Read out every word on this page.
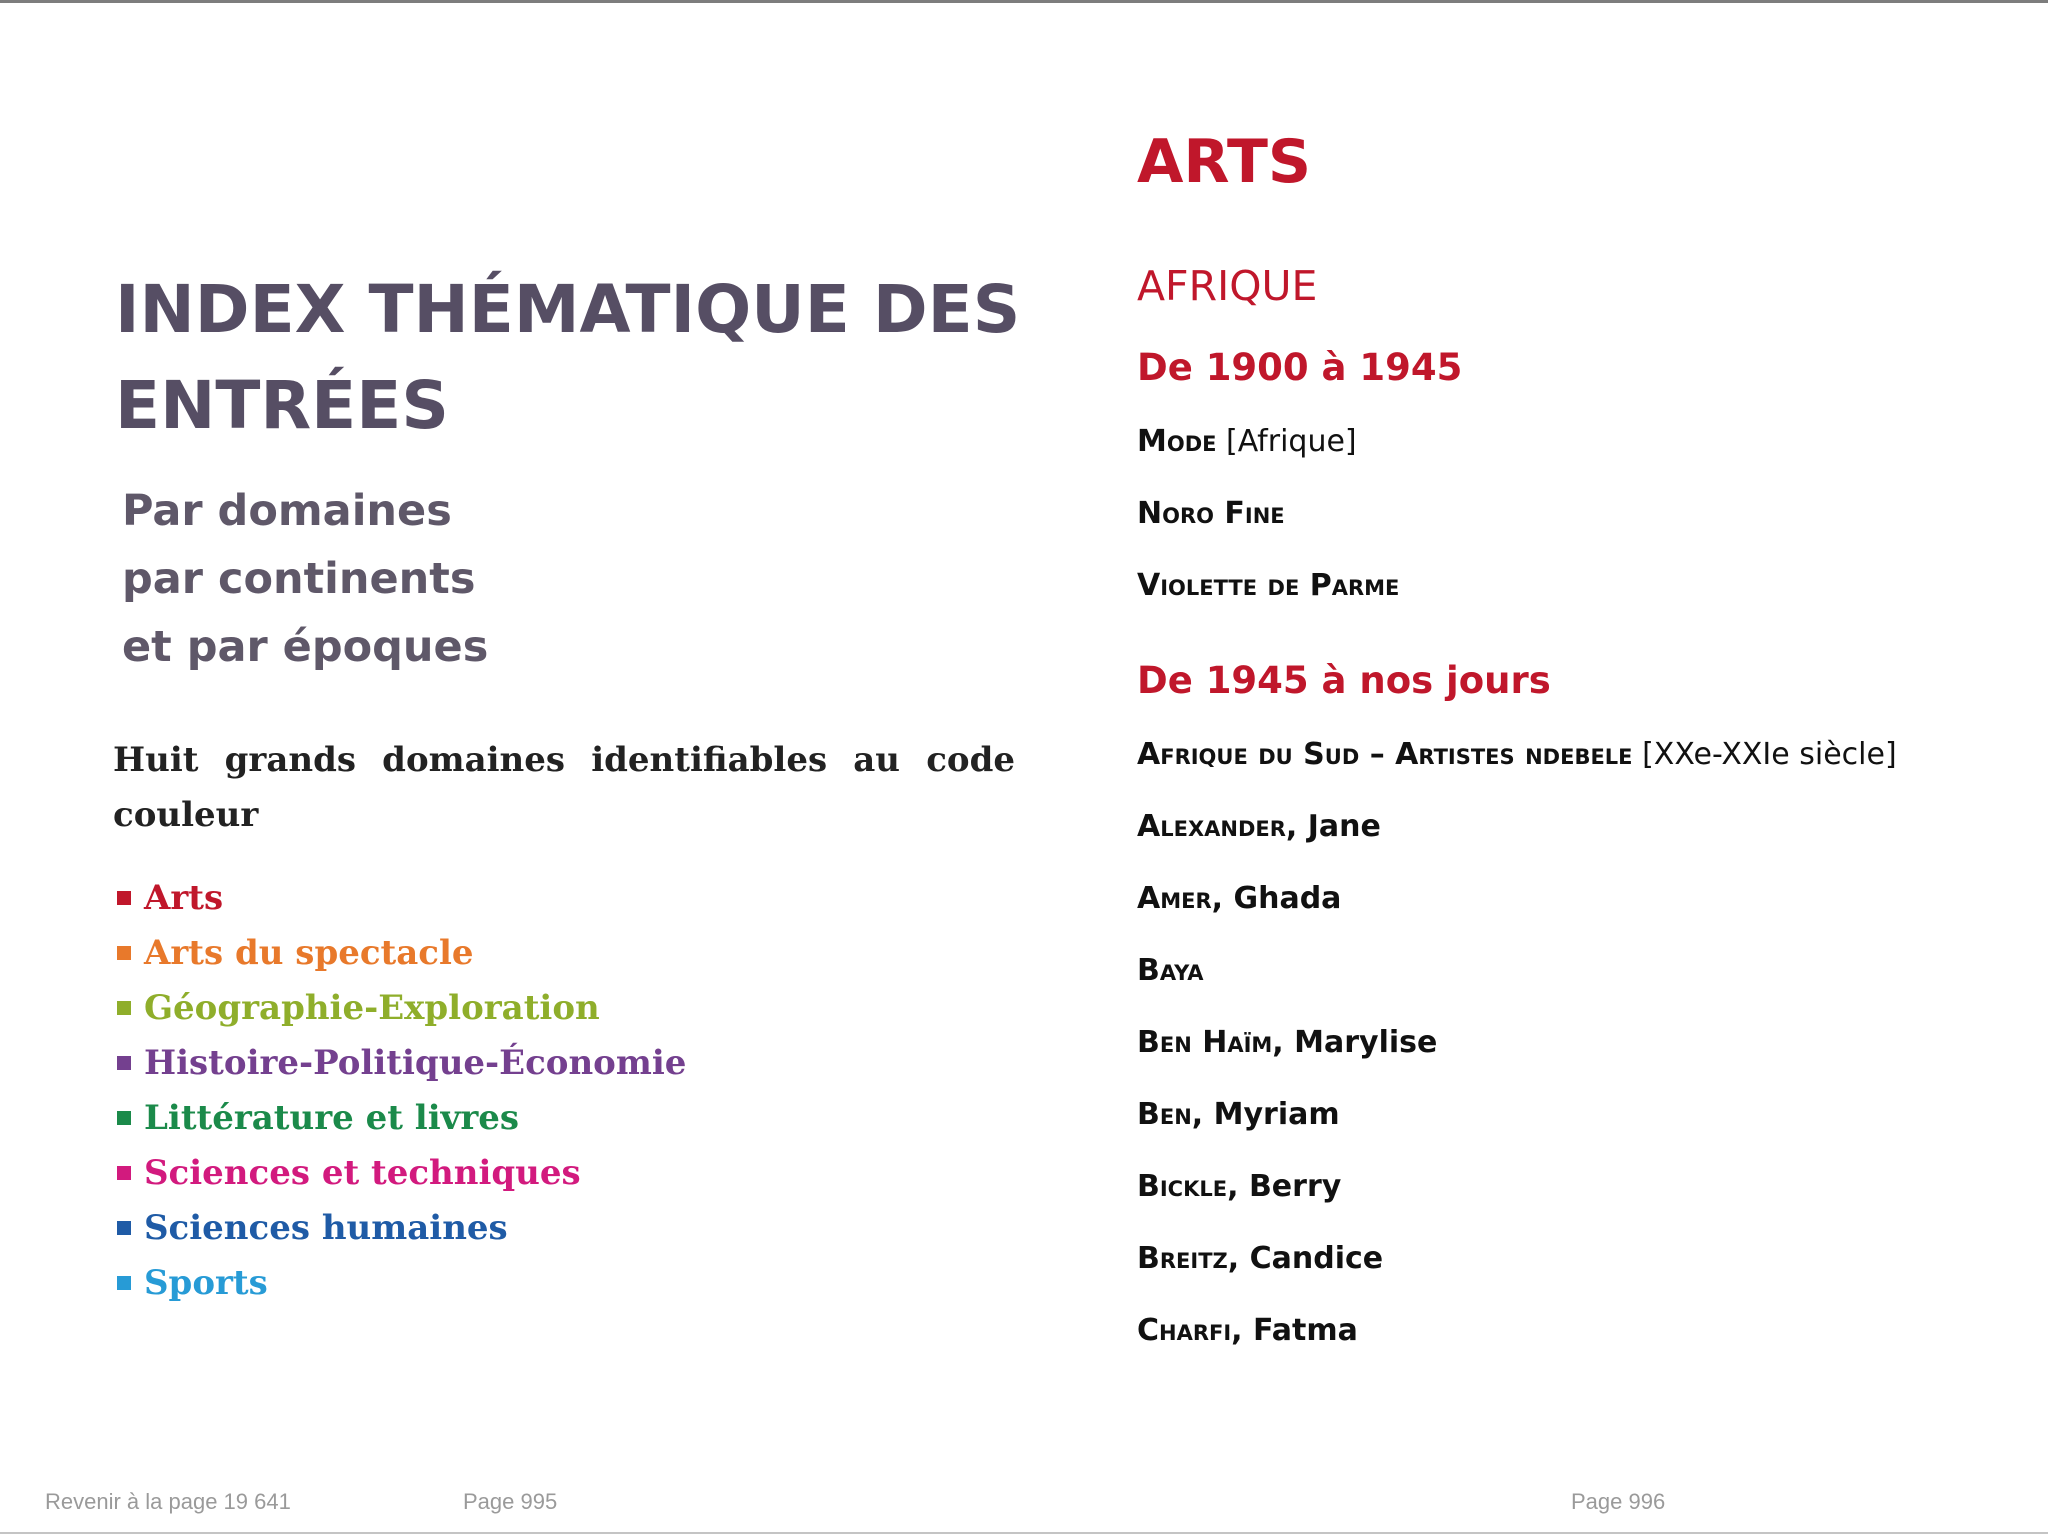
INDEX THÉMATIQUE DES ENTRÉES
Par domaines
par continents
et par époques

Huit grands domaines identifiables au code couleur

Arts
Arts du spectacle
Géographie-Exploration
Histoire-Politique-Économie
Littérature et livres
Sciences et techniques
Sciences humaines
Sports
ARTS
AFRIQUE
De 1900 à 1945
Mode [Afrique]
Noro Fine
Violette de Parme
De 1945 à nos jours
Afrique du Sud – Artistes ndebele [XXe-XXIe siècle]
Alexander, Jane
Amer, Ghada
Baya
Ben Haïm, Marylise
Ben, Myriam
Bickle, Berry
Breitz, Candice
Charfi, Fatma

Revenir à la page 19 641	Page 995	Page 996
